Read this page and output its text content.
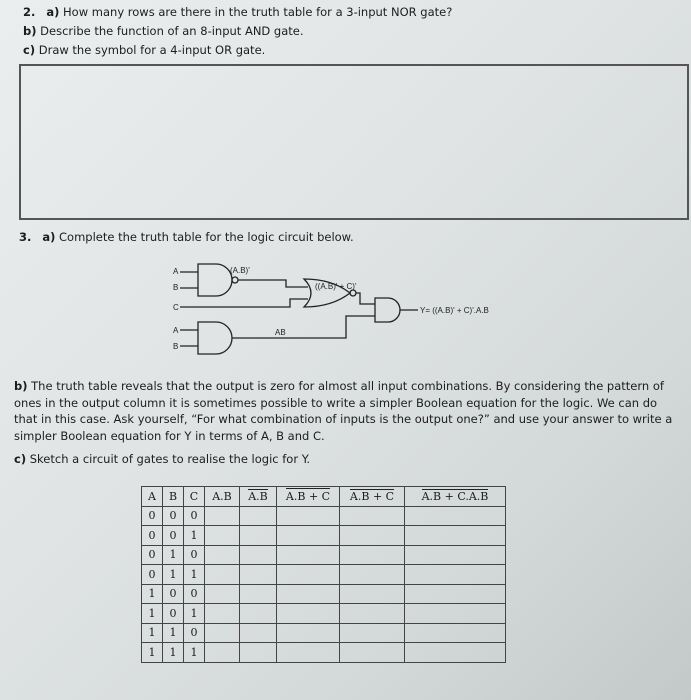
2. a) How many rows are there in the truth table for a 3-input NOR gate?
b) Describe the function of an 8-input AND gate.
c) Draw the symbol for a 4-input OR gate.
3. a) Complete the truth table for the logic circuit below.
A
B
C
A
B
(A.B)'
((A.B)' + C)'
AB
Y= ((A.B)' + C)'.A.B
b) The truth table reveals that the output is zero for almost all input combinations. By considering the pattern of ones in the output column it is sometimes possible to write a simpler Boolean equation for the logic. We can do that in this case. Ask yourself, “For what combination of inputs is the output one?” and use your answer to write a simpler Boolean equation for Y in terms of A, B and C.
c) Sketch a circuit of gates to realise the logic for Y.
A	B	C	A.B	A.B	A.B + C	A.B + C	A.B + C.A.B
0	0	0					
0	0	1					
0	1	0					
0	1	1					
1	0	0					
1	0	1					
1	1	0					
1	1	1					
